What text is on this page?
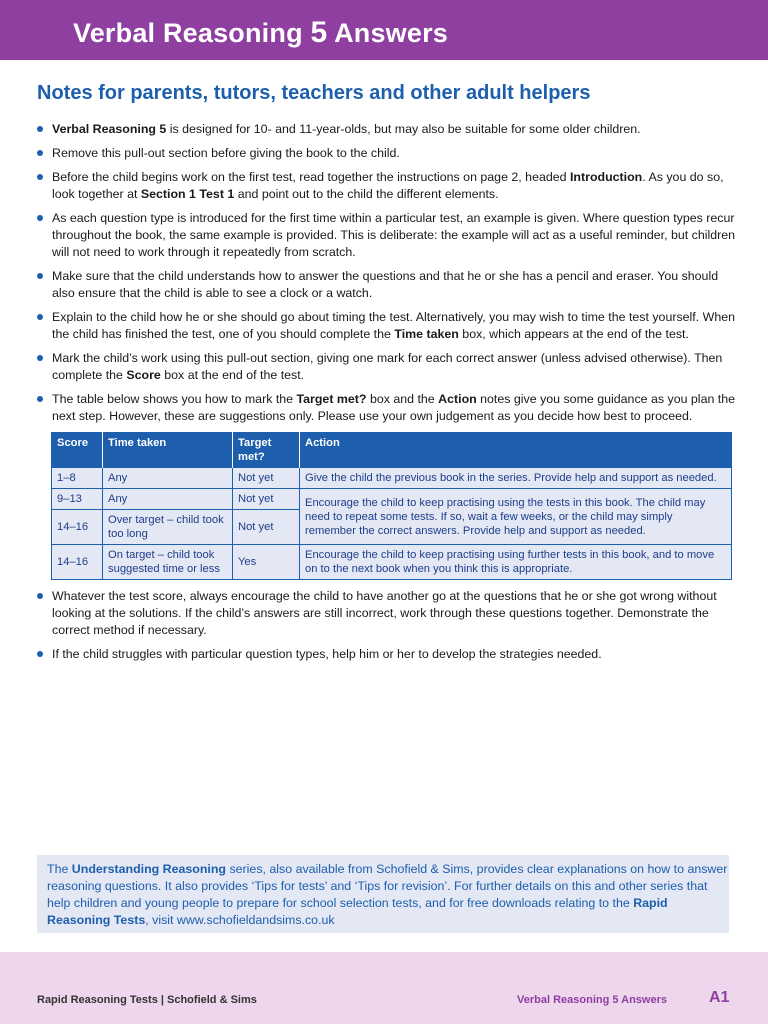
Verbal Reasoning 5 Answers
Notes for parents, tutors, teachers and other adult helpers
Verbal Reasoning 5 is designed for 10- and 11-year-olds, but may also be suitable for some older children.
Remove this pull-out section before giving the book to the child.
Before the child begins work on the first test, read together the instructions on page 2, headed Introduction. As you do so, look together at Section 1 Test 1 and point out to the child the different elements.
As each question type is introduced for the first time within a particular test, an example is given. Where question types recur throughout the book, the same example is provided. This is deliberate: the example will act as a useful reminder, but children will not need to work through it repeatedly from scratch.
Make sure that the child understands how to answer the questions and that he or she has a pencil and eraser. You should also ensure that the child is able to see a clock or a watch.
Explain to the child how he or she should go about timing the test. Alternatively, you may wish to time the test yourself. When the child has finished the test, one of you should complete the Time taken box, which appears at the end of the test.
Mark the child’s work using this pull-out section, giving one mark for each correct answer (unless advised otherwise). Then complete the Score box at the end of the test.
The table below shows you how to mark the Target met? box and the Action notes give you some guidance as you plan the next step. However, these are suggestions only. Please use your own judgement as you decide how best to proceed.
Score	Time taken	Target met?	Action
1–8	Any	Not yet	Give the child the previous book in the series. Provide help and support as needed.
9–13	Any	Not yet	Encourage the child to keep practising using the tests in this book. The child may need to repeat some tests. If so, wait a few weeks, or the child may simply remember the correct answers. Provide help and support as needed.
14–16	Over target – child took too long	Not yet	
14–16	On target – child took suggested time or less	Yes	Encourage the child to keep practising using further tests in this book, and to move on to the next book when you think this is appropriate.
Whatever the test score, always encourage the child to have another go at the questions that he or she got wrong without looking at the solutions. If the child’s answers are still incorrect, work through these questions together. Demonstrate the correct method if necessary.
If the child struggles with particular question types, help him or her to develop the strategies needed.
The Understanding Reasoning series, also available from Schofield & Sims, provides clear explanations on how to answer reasoning questions. It also provides ‘Tips for tests’ and ‘Tips for revision’. For further details on this and other series that help children and young people to prepare for school selection tests, and for free downloads relating to the Rapid Reasoning Tests, visit www.schofieldandsims.co.uk
Rapid Reasoning Tests | Schofield & Sims	Verbal Reasoning 5 Answers	A1
